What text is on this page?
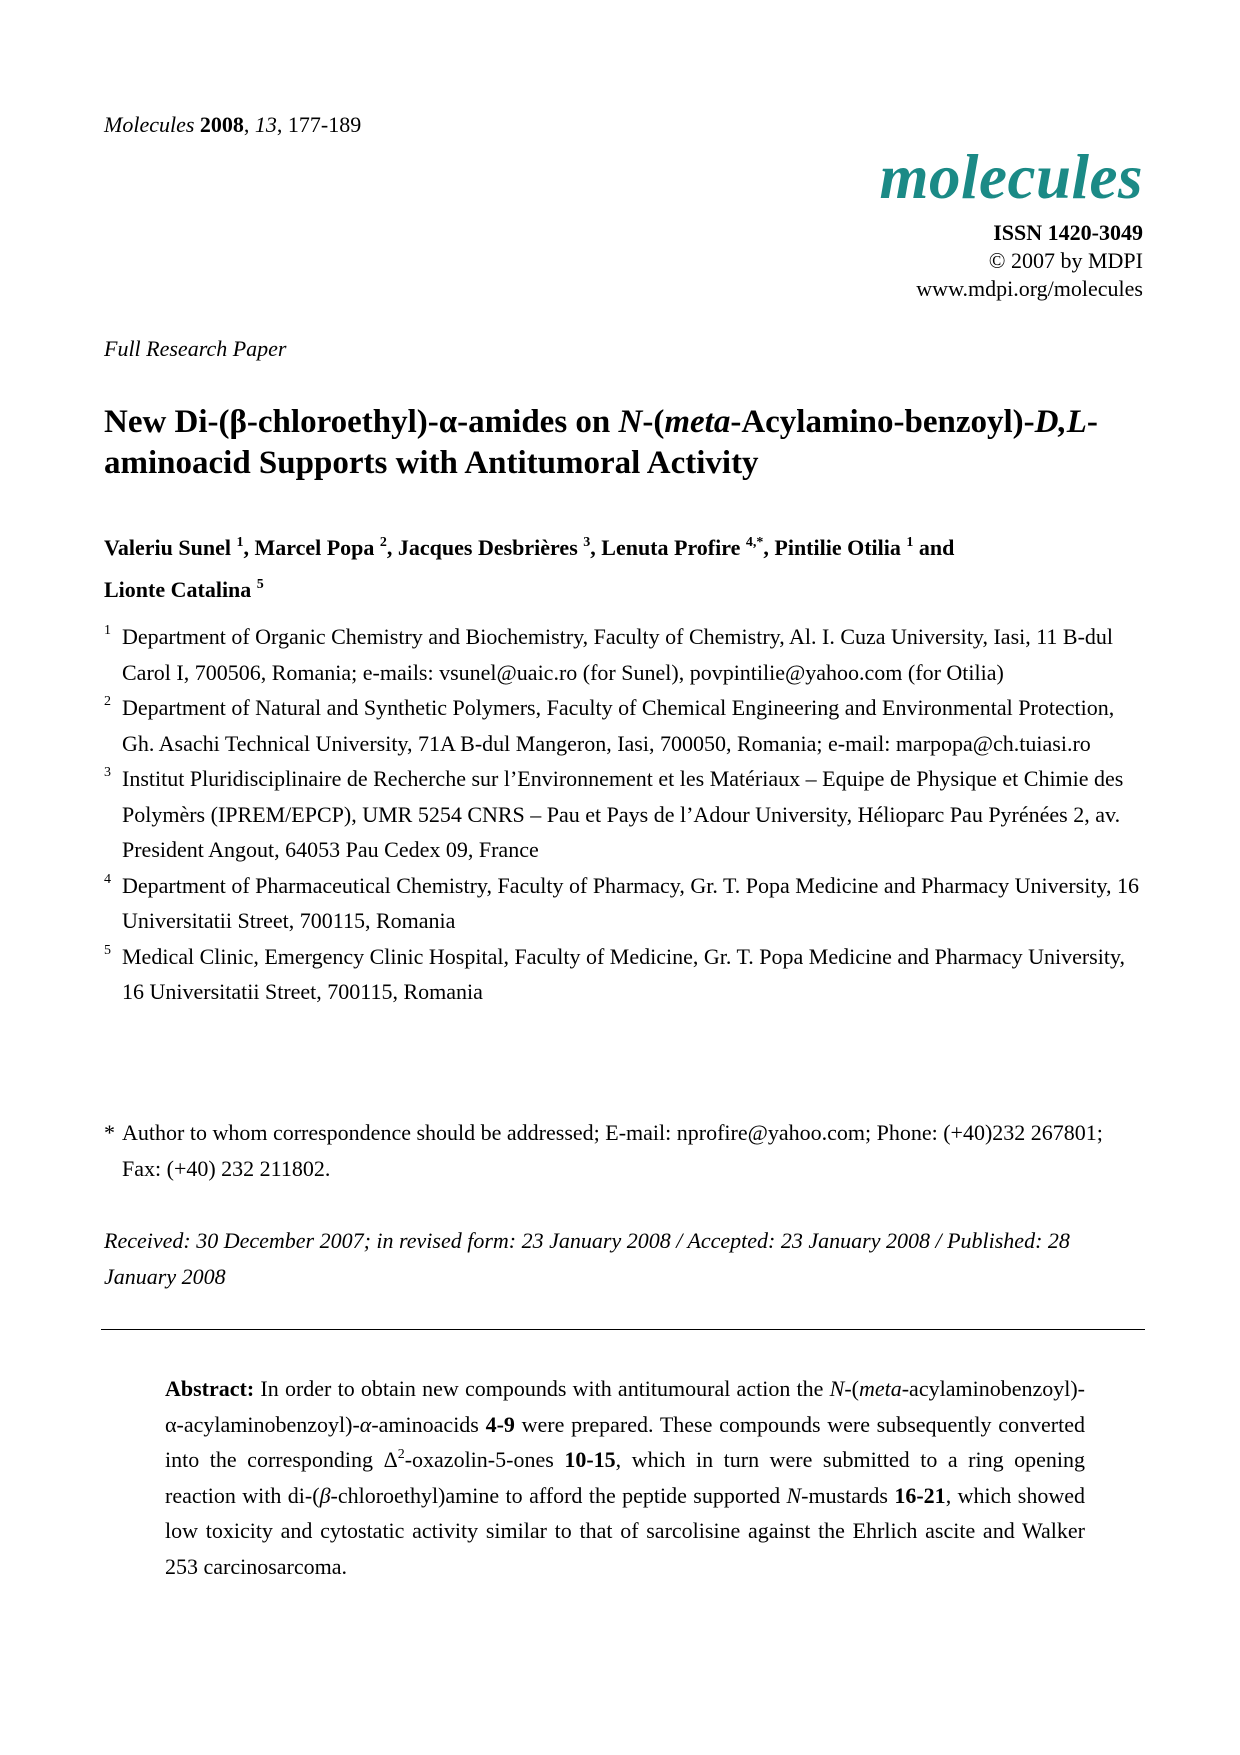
Molecules 2008, 13, 177-189
molecules
ISSN 1420-3049
© 2007 by MDPI
www.mdpi.org/molecules
Full Research Paper
New Di-(β-chloroethyl)-α-amides on N-(meta-Acylamino-benzoyl)-D,L-aminoacid Supports with Antitumoral Activity
Valeriu Sunel $^1$, Marcel Popa $^2$, Jacques Desbrières $^3$, Lenuta Profire $^{4,*}$, Pintilie Otilia $^1$ and
Lionte Catalina $^5$
1 Department of Organic Chemistry and Biochemistry, Faculty of Chemistry, Al. I. Cuza University, Iasi, 11 B-dul Carol I, 700506, Romania; e-mails: vsunel@uaic.ro (for Sunel), povpintilie@yahoo.com (for Otilia)
2 Department of Natural and Synthetic Polymers, Faculty of Chemical Engineering and Environmental Protection, Gh. Asachi Technical University, 71A B-dul Mangeron, Iasi, 700050, Romania; e-mail: marpopa@ch.tuiasi.ro
3 Institut Pluridisciplinaire de Recherche sur l’Environnement et les Matériaux – Equipe de Physique et Chimie des Polymèrs (IPREM/EPCP), UMR 5254 CNRS – Pau et Pays de l’Adour University, Hélioparc Pau Pyrénées 2, av. President Angout, 64053 Pau Cedex 09, France
4 Department of Pharmaceutical Chemistry, Faculty of Pharmacy, Gr. T. Popa Medicine and Pharmacy University, 16 Universitatii Street, 700115, Romania
5 Medical Clinic, Emergency Clinic Hospital, Faculty of Medicine, Gr. T. Popa Medicine and Pharmacy University, 16 Universitatii Street, 700115, Romania
* Author to whom correspondence should be addressed; E-mail: nprofire@yahoo.com; Phone: (+40)232 267801; Fax: (+40) 232 211802.
Received: 30 December 2007; in revised form: 23 January 2008 / Accepted: 23 January 2008 / Published: 28 January 2008
Abstract: In order to obtain new compounds with antitumoural action the N-(meta-acylaminobenzoyl)-α-acylaminobenzoyl)-α-aminoacids 4-9 were prepared. These compounds were subsequently converted into the corresponding $\Delta^2-oxazolin-5$-ones 10-15, which in turn were submitted to a ring opening reaction with di-(β-chloroethyl)amine to afford the peptide supported N-mustards 16-21, which showed low toxicity and cytostatic activity similar to that of sarcolisine against the Ehrlich ascite and Walker 253 carcinosarcoma.
